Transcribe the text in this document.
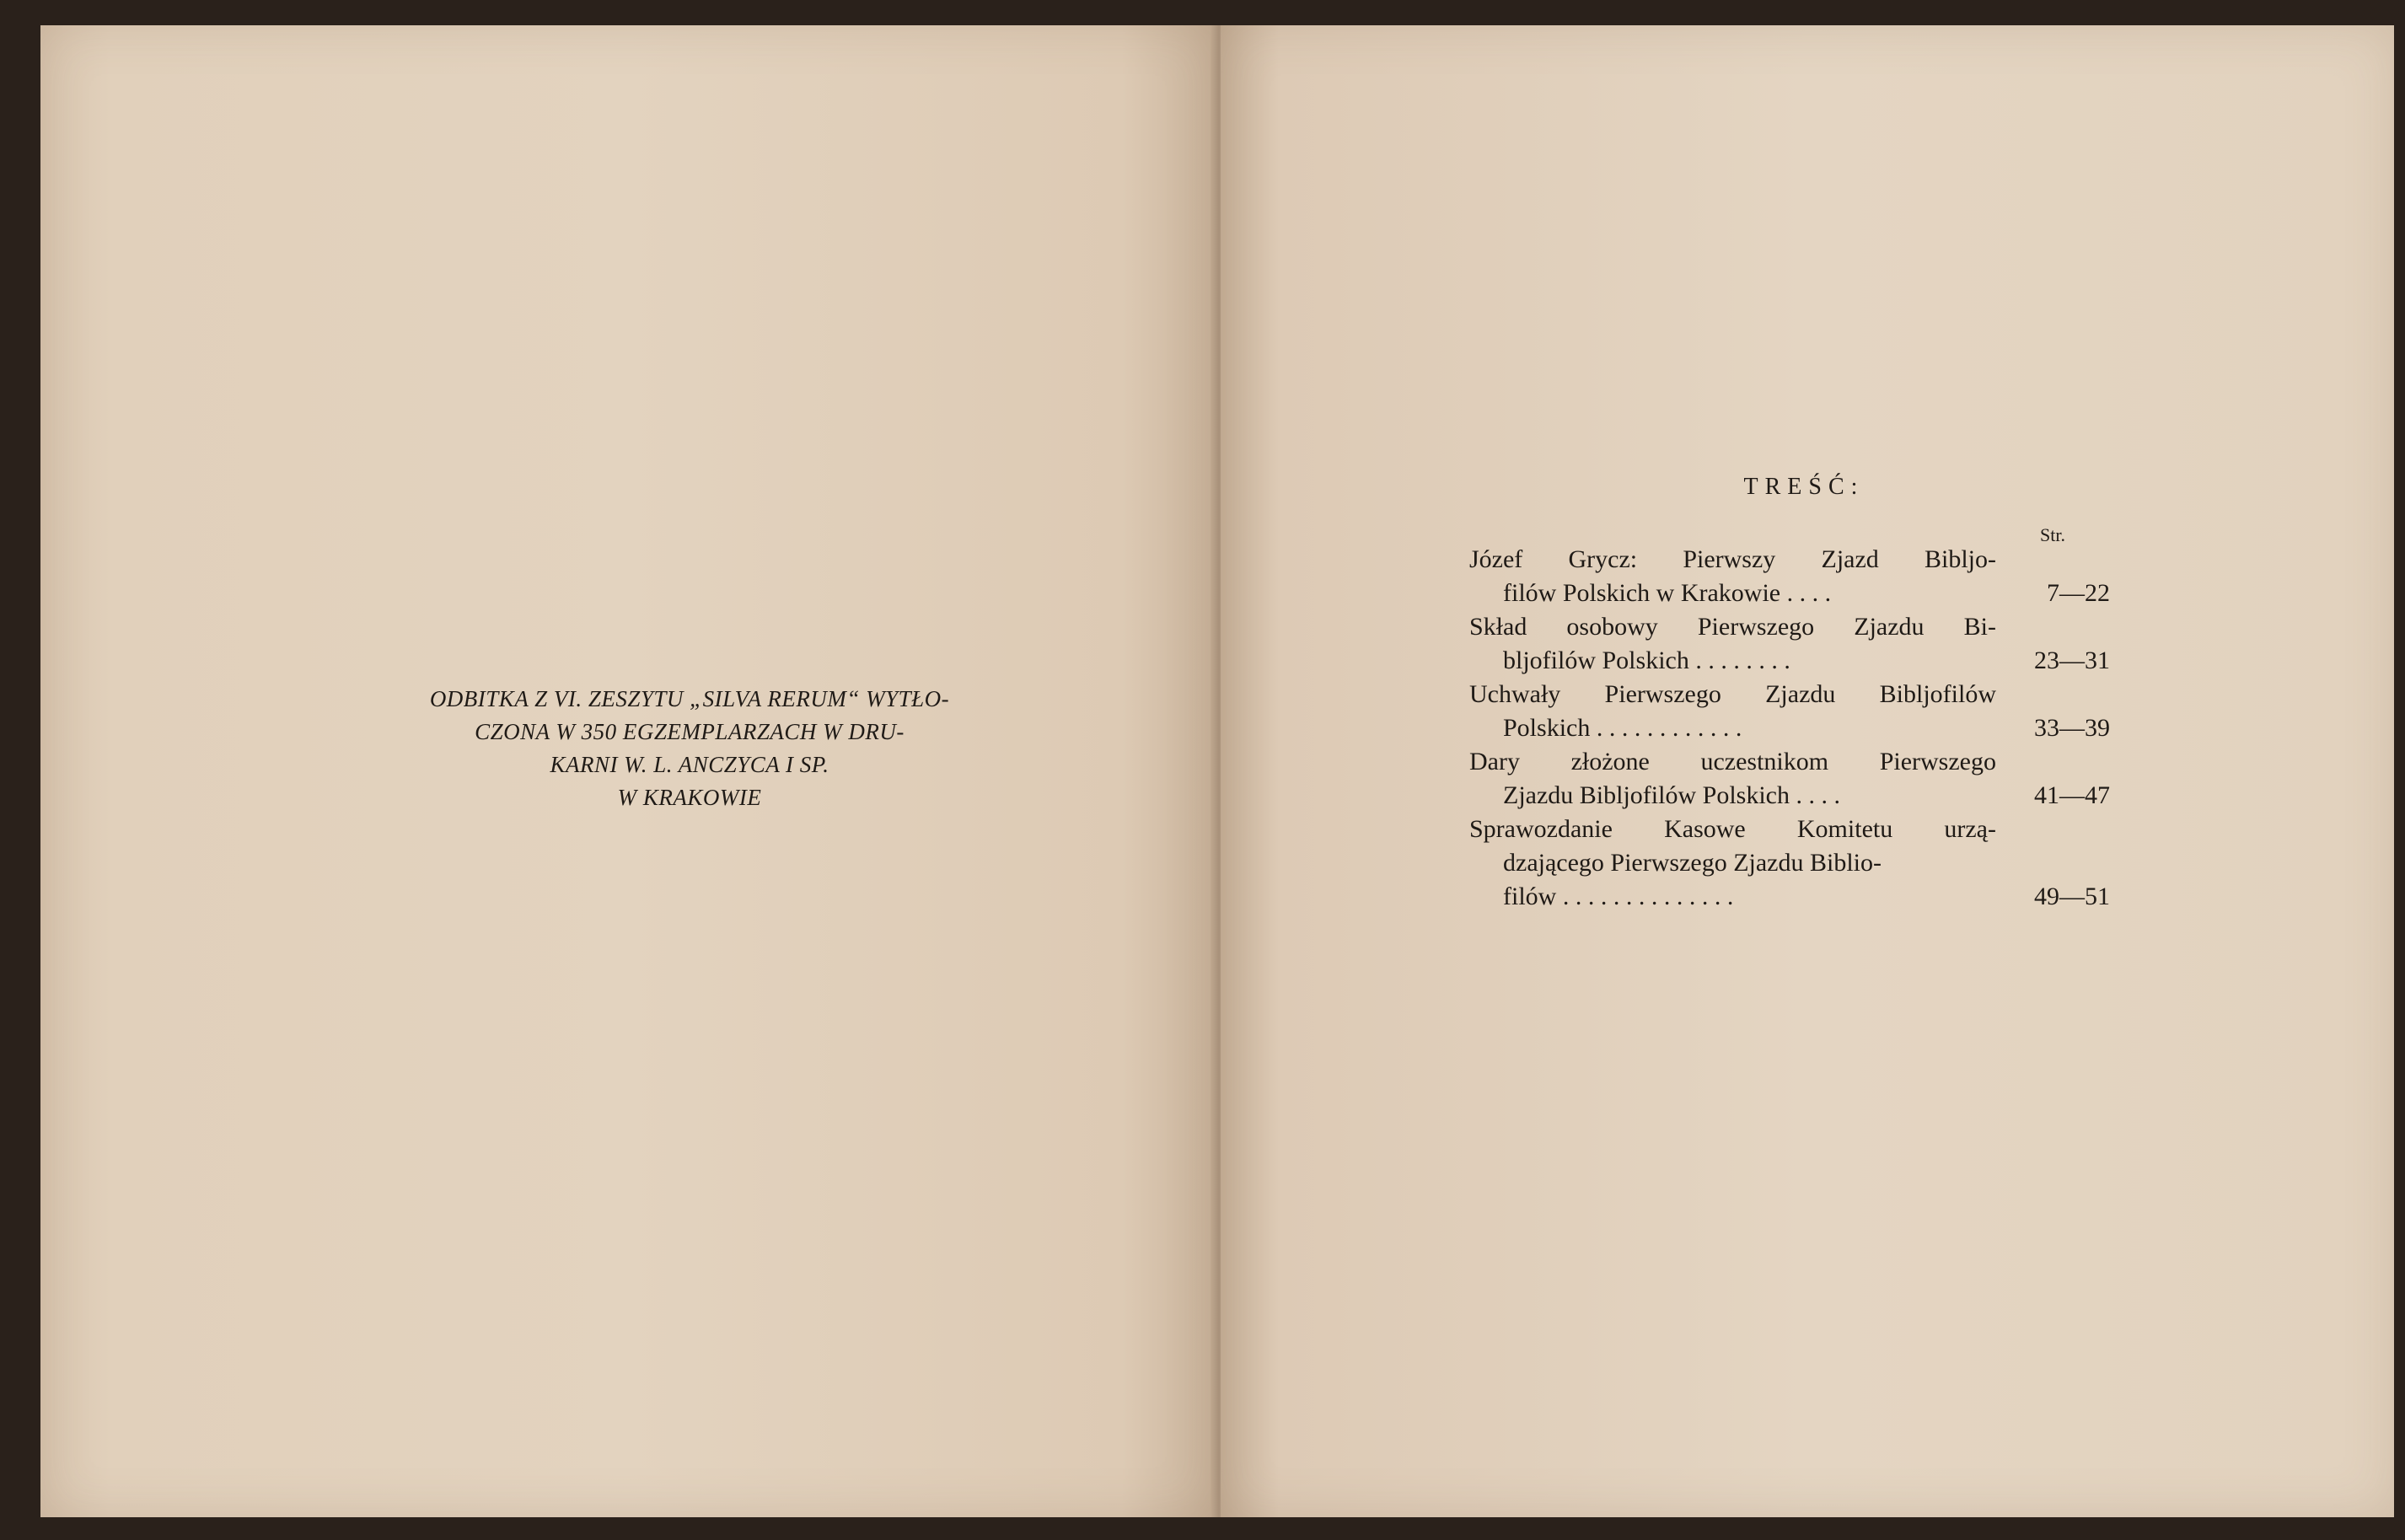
ODBITKA Z VI. ZESZYTU „SILVA RERUM“ WYTŁO-
CZONA W 350 EGZEMPLARZACH W DRU-
KARNI W. L. ANCZYCA I SP.
W KRAKOWIE
TREŚĆ:
Str.
Józef Grycz: Pierwszy Zjazd Bibljo-
filów Polskich w Krakowie . . . .	7—22
Skład osobowy Pierwszego Zjazdu Bi-
bljofilów Polskich . . . . . . . .	23—31
Uchwały Pierwszego Zjazdu Bibljofilów
Polskich . . . . . . . . . . . .	33—39
Dary złożone uczestnikom Pierwszego
Zjazdu Bibljofilów Polskich . . . .	41—47
Sprawozdanie Kasowe Komitetu urzą-
dzającego Pierwszego Zjazdu Biblio-
filów . . . . . . . . . . . . . .	49—51
